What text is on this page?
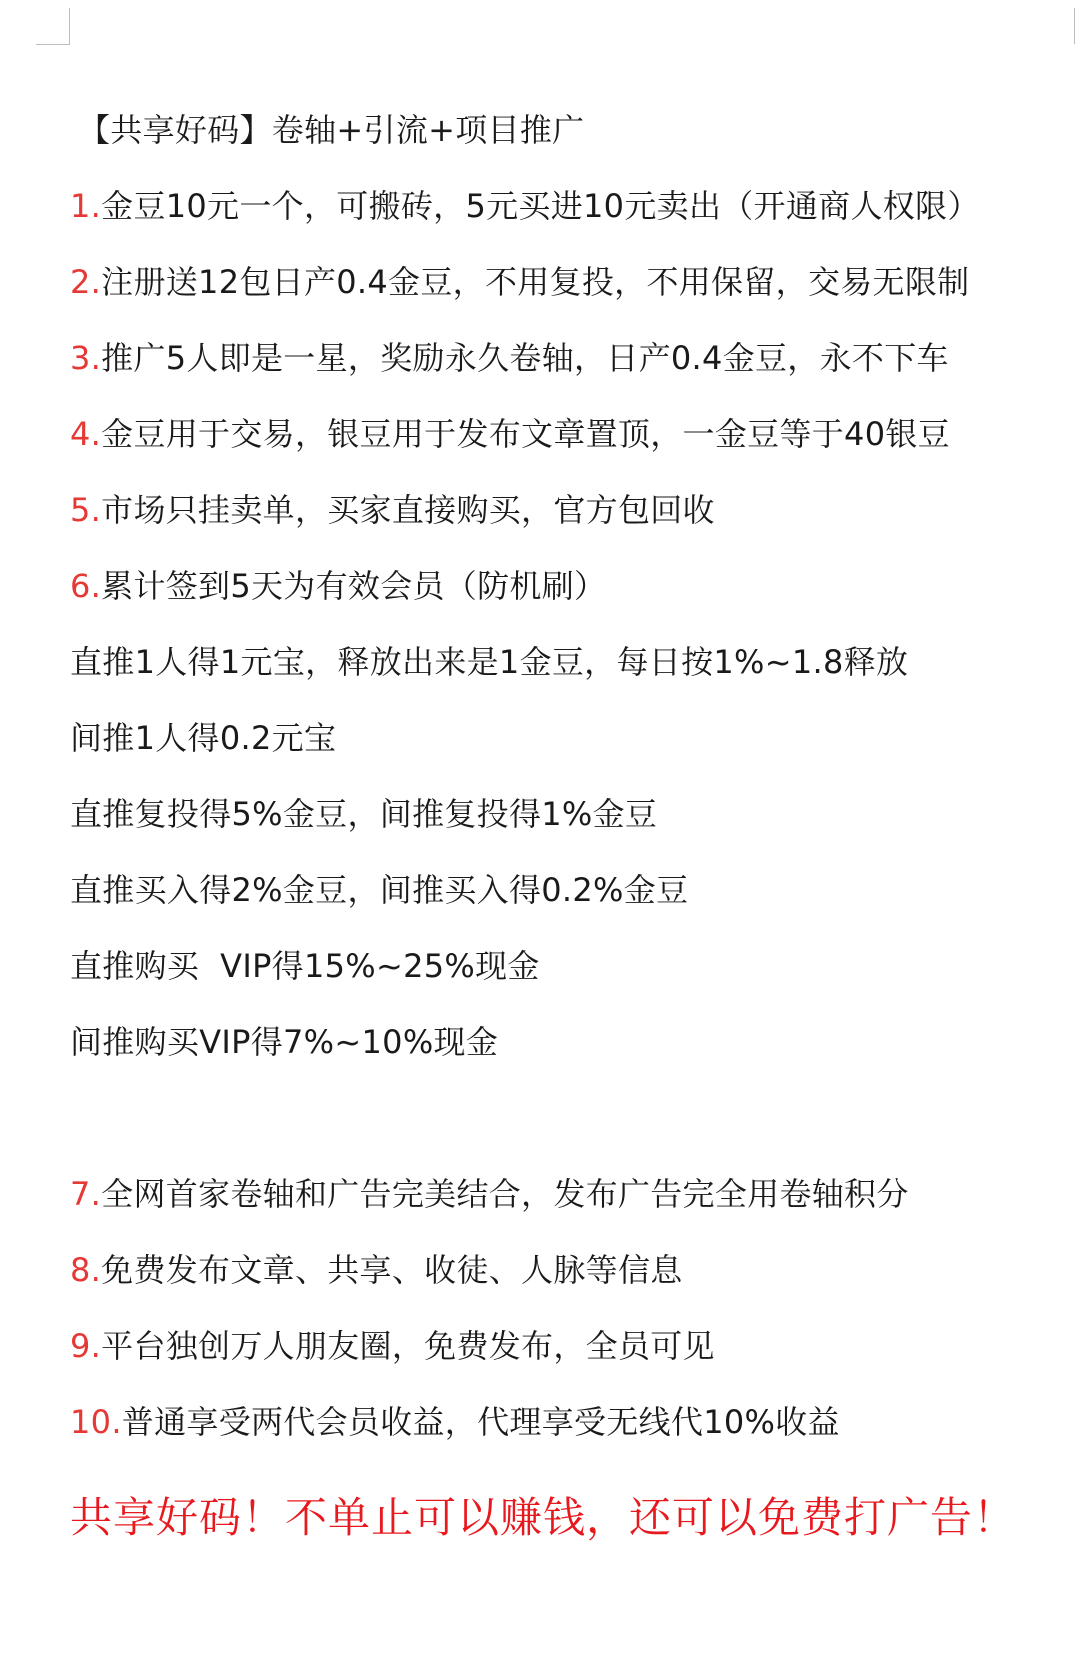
【共享好码】卷轴+引流+项目推广
1.金豆10元一个，可搬砖，5元买进10元卖出（开通商人权限）
2.注册送12包日产0.4金豆，不用复投，不用保留，交易无限制
3.推广5人即是一星，奖励永久卷轴，日产0.4金豆，永不下车
4.金豆用于交易，银豆用于发布文章置顶，一金豆等于40银豆
5.市场只挂卖单，买家直接购买，官方包回收
6.累计签到5天为有效会员（防机刷）
直推1人得1元宝，释放出来是1金豆，每日按1%~1.8释放
间推1人得0.2元宝
直推复投得5%金豆，间推复投得1%金豆
直推买入得2%金豆，间推买入得0.2%金豆
直推购买  VIP得15%~25%现金
间推购买VIP得7%~10%现金
7.全网首家卷轴和广告完美结合，发布广告完全用卷轴积分
8.免费发布文章、共享、收徒、人脉等信息
9.平台独创万人朋友圈，免费发布，全员可见
10.普通享受两代会员收益，代理享受无线代10%收益
共享好码！不单止可以赚钱，还可以免费打广告！
